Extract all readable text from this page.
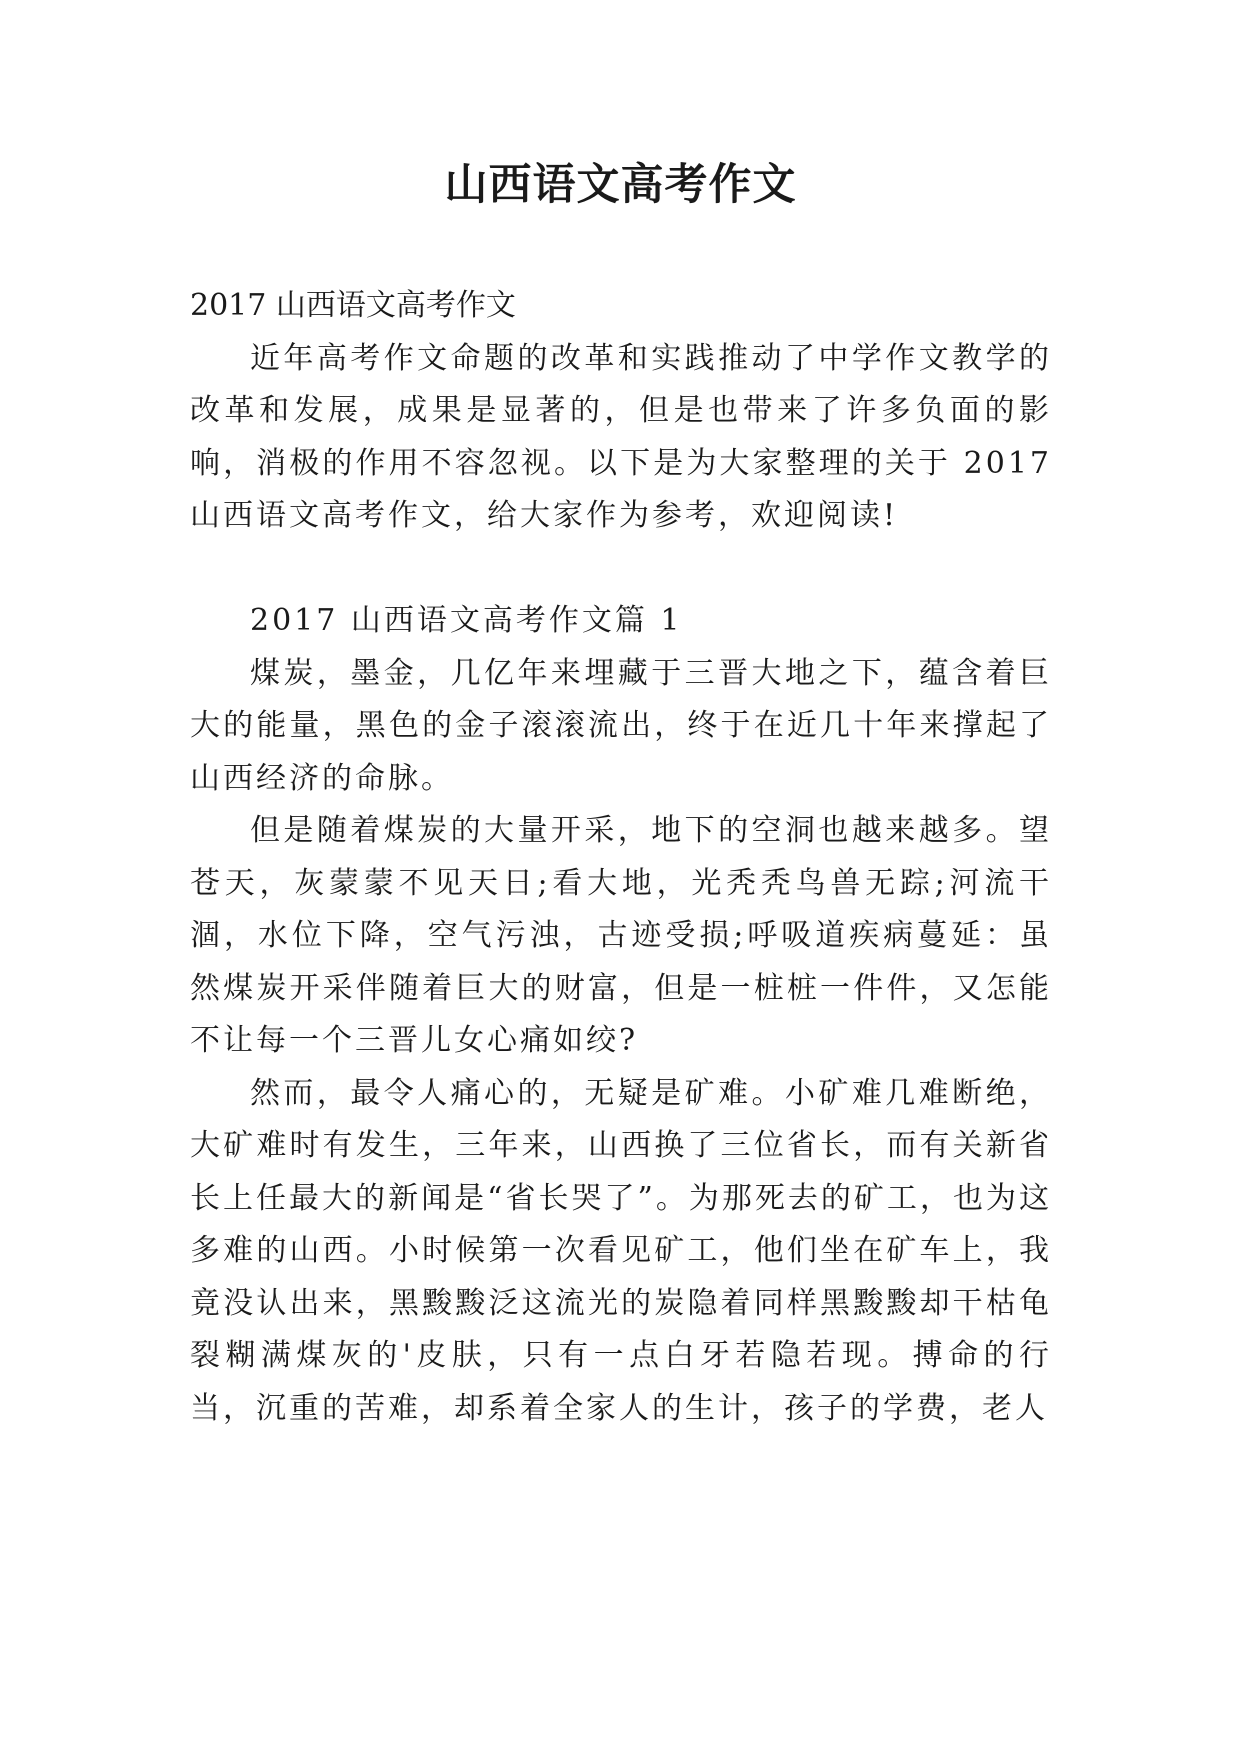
山西语文高考作文

2017 山西语文高考作文

近年高考作文命题的改革和实践推动了中学作文教学的改革和发展，成果是显著的，但是也带来了许多负面的影响，消极的作用不容忽视。以下是为大家整理的关于 2017 山西语文高考作文，给大家作为参考，欢迎阅读!

2017 山西语文高考作文篇 1

煤炭，墨金，几亿年来埋藏于三晋大地之下，蕴含着巨大的能量，黑色的金子滚滚流出，终于在近几十年来撑起了山西经济的命脉。

但是随着煤炭的大量开采，地下的空洞也越来越多。望苍天，灰蒙蒙不见天日;看大地，光秃秃鸟兽无踪;河流干涸，水位下降，空气污浊，古迹受损;呼吸道疾病蔓延：虽然煤炭开采伴随着巨大的财富，但是一桩桩一件件，又怎能不让每一个三晋儿女心痛如绞?

然而，最令人痛心的，无疑是矿难。小矿难几难断绝，大矿难时有发生，三年来，山西换了三位省长，而有关新省长上任最大的新闻是“省长哭了”。为那死去的矿工，也为这多难的山西。小时候第一次看见矿工，他们坐在矿车上，我竟没认出来，黑黢黢泛这流光的炭隐着同样黑黢黢却干枯龟裂糊满煤灰的'皮肤，只有一点白牙若隐若现。搏命的行当，沉重的苦难，却系着全家人的生计，孩子的学费，老人
